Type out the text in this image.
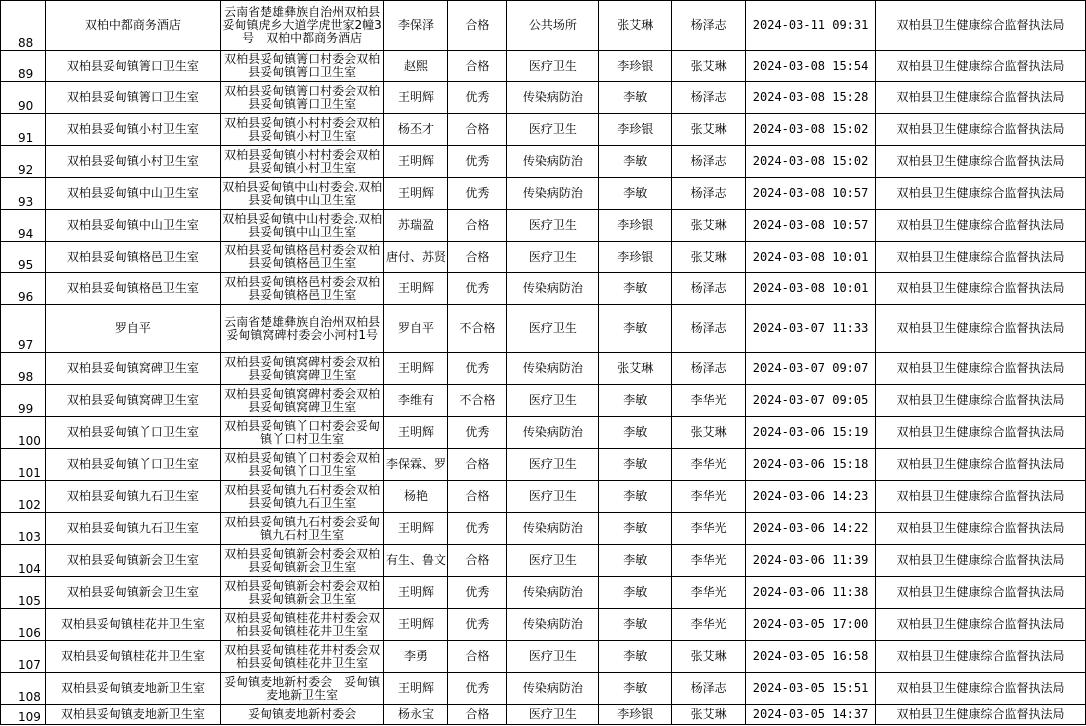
88	双柏中都商务酒店	云南省楚雄彝族自治州双柏县妥甸镇虎乡大道学虎世家2幢3号　双柏中都商务酒店	李保泽	合格	公共场所	张艾琳	杨泽志	2024-03-11 09:31	双柏县卫生健康综合监督执法局
89	双柏县妥甸镇箐口卫生室	双柏县妥甸镇箐口村委会双柏县妥甸镇箐口卫生室	赵熙	合格	医疗卫生	李珍银	张艾琳	2024-03-08 15:54	双柏县卫生健康综合监督执法局
90	双柏县妥甸镇箐口卫生室	双柏县妥甸镇箐口村委会双柏县妥甸镇箐口卫生室	王明辉	优秀	传染病防治	李敏	杨泽志	2024-03-08 15:28	双柏县卫生健康综合监督执法局
91	双柏县妥甸镇小村卫生室	双柏县妥甸镇小村村委会双柏县妥甸镇小村卫生室	杨丕才	合格	医疗卫生	李珍银	张艾琳	2024-03-08 15:02	双柏县卫生健康综合监督执法局
92	双柏县妥甸镇小村卫生室	双柏县妥甸镇小村村委会双柏县妥甸镇小村卫生室	王明辉	优秀	传染病防治	李敏	杨泽志	2024-03-08 15:02	双柏县卫生健康综合监督执法局
93	双柏县妥甸镇中山卫生室	双柏县妥甸镇中山村委会.双柏县妥甸镇中山卫生室	王明辉	优秀	传染病防治	李敏	杨泽志	2024-03-08 10:57	双柏县卫生健康综合监督执法局
94	双柏县妥甸镇中山卫生室	双柏县妥甸镇中山村委会.双柏县妥甸镇中山卫生室	苏瑞盈	合格	医疗卫生	李珍银	张艾琳	2024-03-08 10:57	双柏县卫生健康综合监督执法局
95	双柏县妥甸镇格邑卫生室	双柏县妥甸镇格邑村委会双柏县妥甸镇格邑卫生室	唐付、苏贤	合格	医疗卫生	李珍银	张艾琳	2024-03-08 10:01	双柏县卫生健康综合监督执法局
96	双柏县妥甸镇格邑卫生室	双柏县妥甸镇格邑村委会双柏县妥甸镇格邑卫生室	王明辉	优秀	传染病防治	李敏	杨泽志	2024-03-08 10:01	双柏县卫生健康综合监督执法局
97	罗自平	云南省楚雄彝族自治州双柏县妥甸镇窝碑村委会小河村1号	罗自平	不合格	医疗卫生	李敏	杨泽志	2024-03-07 11:33	双柏县卫生健康综合监督执法局
98	双柏县妥甸镇窝碑卫生室	双柏县妥甸镇窝碑村委会双柏县妥甸镇窝碑卫生室	王明辉	优秀	传染病防治	张艾琳	杨泽志	2024-03-07 09:07	双柏县卫生健康综合监督执法局
99	双柏县妥甸镇窝碑卫生室	双柏县妥甸镇窝碑村委会双柏县妥甸镇窝碑卫生室	李维有	不合格	医疗卫生	李敏	李华光	2024-03-07 09:05	双柏县卫生健康综合监督执法局
100	双柏县妥甸镇丫口卫生室	双柏县妥甸镇丫口村委会妥甸镇丫口村卫生室	王明辉	优秀	传染病防治	李敏	张艾琳	2024-03-06 15:19	双柏县卫生健康综合监督执法局
101	双柏县妥甸镇丫口卫生室	双柏县妥甸镇丫口村委会双柏县妥甸镇丫口卫生室	李保霖、罗	合格	医疗卫生	李敏	李华光	2024-03-06 15:18	双柏县卫生健康综合监督执法局
102	双柏县妥甸镇九石卫生室	双柏县妥甸镇九石村委会双柏县妥甸镇九石卫生室	杨艳	合格	医疗卫生	李敏	李华光	2024-03-06 14:23	双柏县卫生健康综合监督执法局
103	双柏县妥甸镇九石卫生室	双柏县妥甸镇九石村委会妥甸镇九石村卫生室	王明辉	优秀	传染病防治	李敏	李华光	2024-03-06 14:22	双柏县卫生健康综合监督执法局
104	双柏县妥甸镇新会卫生室	双柏县妥甸镇新会村委会双柏县妥甸镇新会卫生室	有生、鲁文	合格	医疗卫生	李敏	李华光	2024-03-06 11:39	双柏县卫生健康综合监督执法局
105	双柏县妥甸镇新会卫生室	双柏县妥甸镇新会村委会双柏县妥甸镇新会卫生室	王明辉	优秀	传染病防治	李敏	李华光	2024-03-06 11:38	双柏县卫生健康综合监督执法局
106	双柏县妥甸镇桂花井卫生室	双柏县妥甸镇桂花井村委会双柏县妥甸镇桂花井卫生室	王明辉	优秀	传染病防治	李敏	李华光	2024-03-05 17:00	双柏县卫生健康综合监督执法局
107	双柏县妥甸镇桂花井卫生室	双柏县妥甸镇桂花井村委会双柏县妥甸镇桂花井卫生室	李勇	合格	医疗卫生	李敏	张艾琳	2024-03-05 16:58	双柏县卫生健康综合监督执法局
108	双柏县妥甸镇麦地新卫生室	妥甸镇麦地新村委会　妥甸镇麦地新卫生室	王明辉	优秀	传染病防治	李敏	杨泽志	2024-03-05 15:51	双柏县卫生健康综合监督执法局
109	双柏县妥甸镇麦地新卫生室	妥甸镇麦地新村委会	杨永宝	合格	医疗卫生	李珍银	张艾琳	2024-03-05 14:37	双柏县卫生健康综合监督执法局
